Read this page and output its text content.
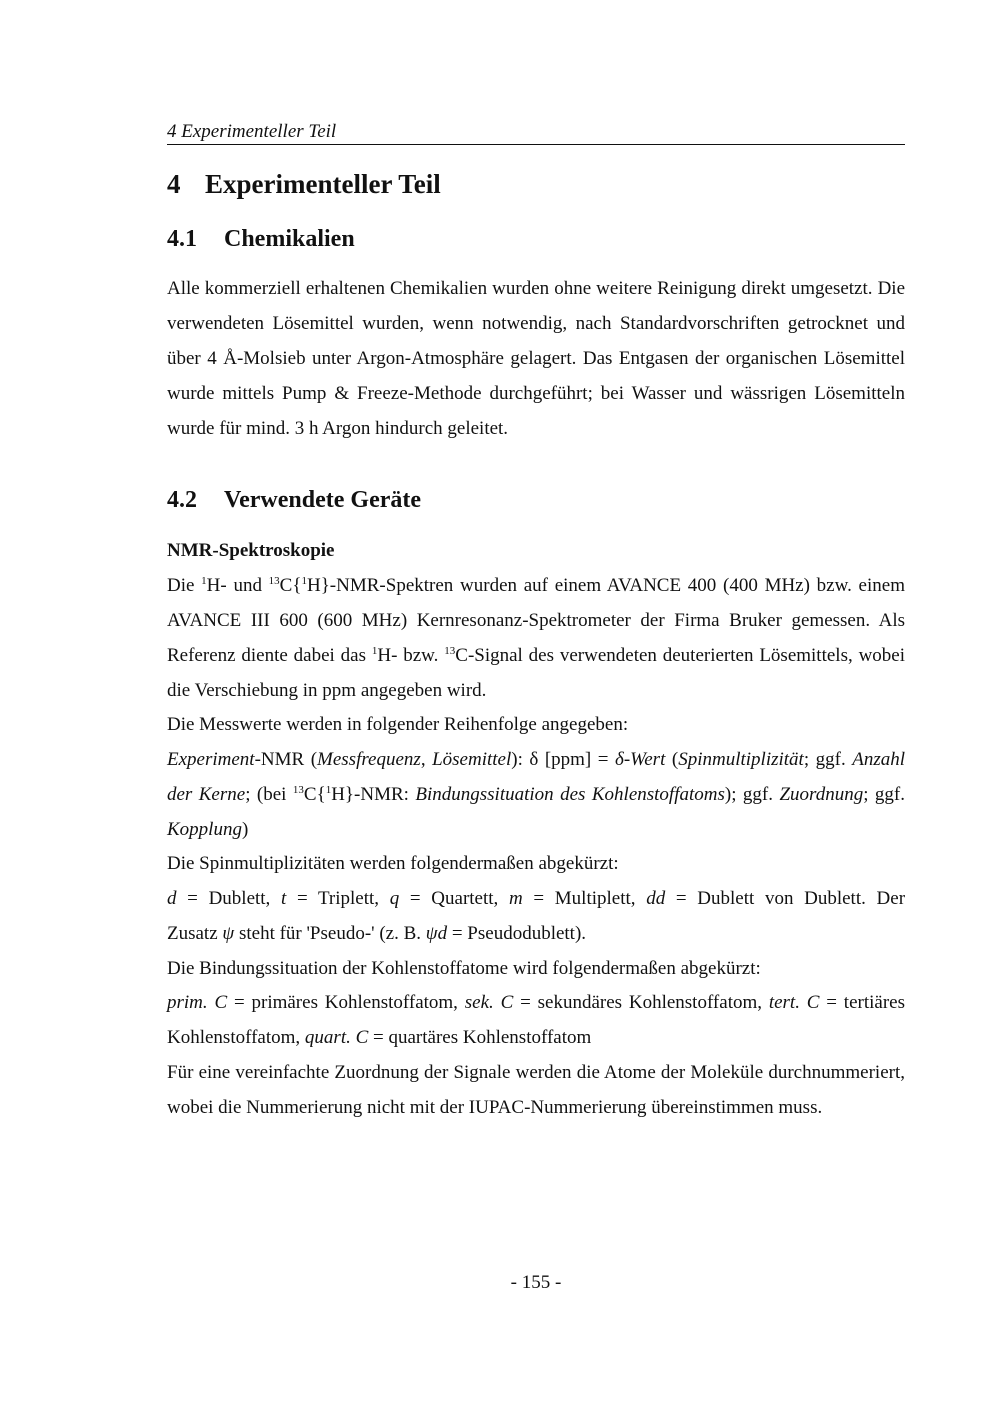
4 Experimenteller Teil
4 Experimenteller Teil
4.1 Chemikalien

Alle kommerziell erhaltenen Chemikalien wurden ohne weitere Reinigung direkt umgesetzt. Die verwendeten Lösemittel wurden, wenn notwendig, nach Standardvorschriften getrocknet und über 4 Å-Molsieb unter Argon-Atmosphäre gelagert. Das Entgasen der organischen Lösemittel wurde mittels Pump & Freeze-Methode durchgeführt; bei Wasser und wässrigen Lösemitteln wurde für mind. 3 h Argon hindurch geleitet.

4.2 Verwendete Geräte
NMR-Spektroskopie

Die $^1$H- und $^{13}$C{$^1$H}-NMR-Spektren wurden auf einem AVANCE 400 (400 MHz) bzw. einem AVANCE III 600 (600 MHz) Kernresonanz-Spektrometer der Firma Bruker gemessen. Als Referenz diente dabei das $^1$H- bzw. $^{13}$C-Signal des verwendeten deuterierten Lösemittels, wobei die Verschiebung in ppm angegeben wird.

Die Messwerte werden in folgender Reihenfolge angegeben:

Experiment-NMR (Messfrequenz, Lösemittel): δ [ppm] = δ-Wert (Spinmultiplizität; ggf. Anzahl der Kerne; (bei $^{13}$C{$^1$H}-NMR: Bindungssituation des Kohlenstoffatoms); ggf. Zuordnung; ggf. Kopplung)

Die Spinmultiplizitäten werden folgendermaßen abgekürzt:

d = Dublett, t = Triplett, q = Quartett, m = Multiplett, dd = Dublett von Dublett. Der

Zusatz ψ steht für 'Pseudo-' (z. B. ψd = Pseudodublett).

Die Bindungssituation der Kohlenstoffatome wird folgendermaßen abgekürzt:

prim. C = primäres Kohlenstoffatom, sek. C = sekundäres Kohlenstoffatom, tert. C = tertiäres Kohlenstoffatom, quart. C = quartäres Kohlenstoffatom

Für eine vereinfachte Zuordnung der Signale werden die Atome der Moleküle durchnummeriert, wobei die Nummerierung nicht mit der IUPAC-Nummerierung übereinstimmen muss.

- 155 -
